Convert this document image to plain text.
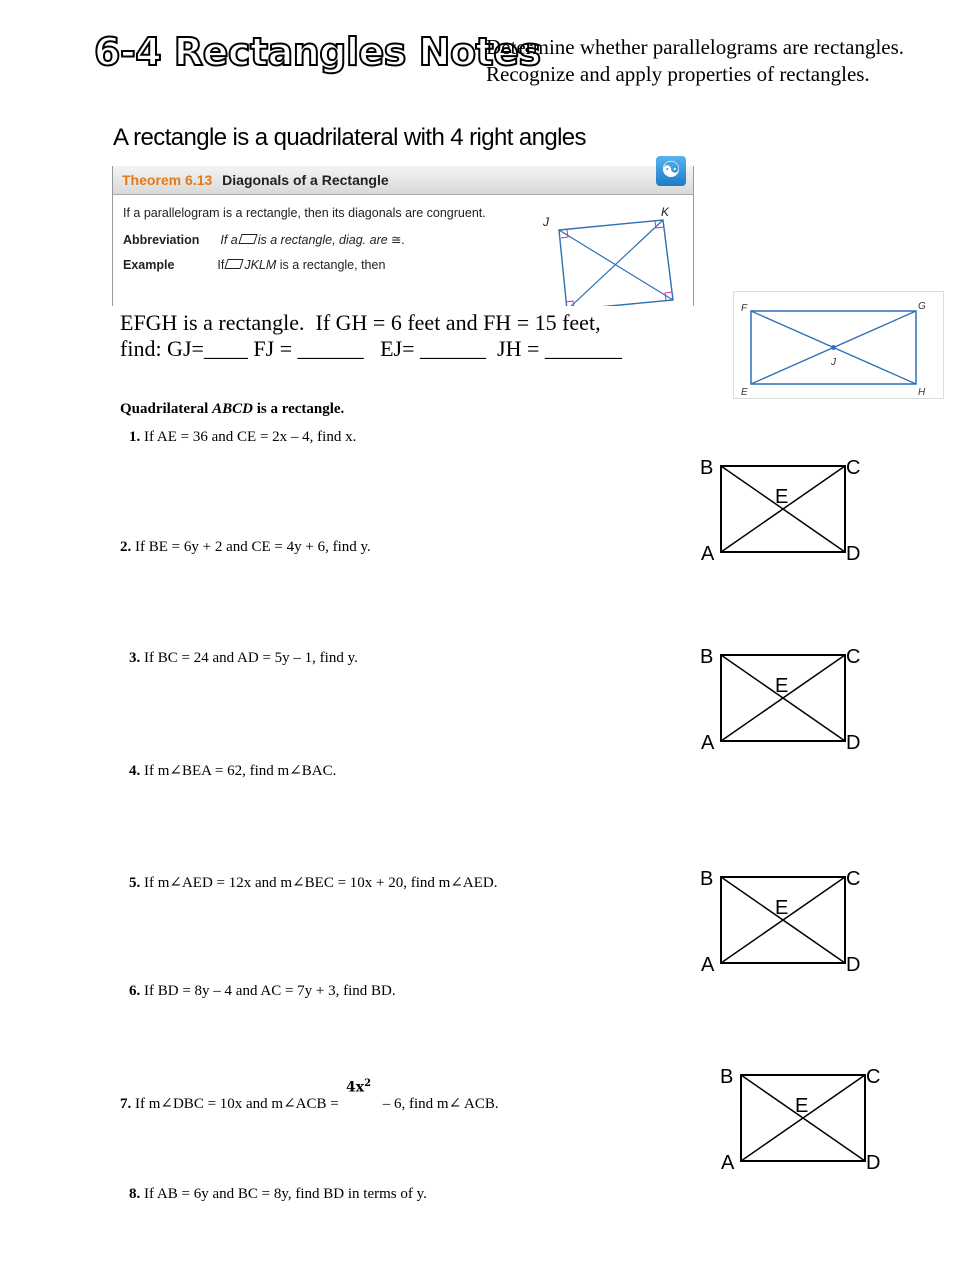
6-4 Rectangles Notes
Determine whether parallelograms are rectangles.
Recognize and apply properties of rectangles.
A rectangle is a quadrilateral with 4 right angles
Theorem 6.13 Diagonals of a Rectangle
If a parallelogram is a rectangle, then its diagonals are congruent.
Abbreviation If a is a rectangle, diag. are ≅.
Example	If JKLM is a rectangle, then
J
K
☯
EFGH is a rectangle.  If GH = 6 feet and FH = 15 feet,
find: GJ=____ FJ = ______   EJ= ______  JH = _______
F	G
H
E
J
Quadrilateral ABCD is a rectangle.
1. If AE = 36 and CE = 2x – 4, find x.
2. If BE = 6y + 2 and CE = 4y + 6, find y.
3. If BC = 24 and AD = 5y – 1, find y.
4. If m∠BEA = 62, find m∠BAC.
5. If m∠AED = 12x and m∠BEC = 10x + 20, find m∠AED.
6. If BD = 8y – 4 and AC = 7y + 3, find BD.
7. If m∠DBC = 10x and m∠ACB =	– 6, find m∠ ACB.
$4x^2$
8. If AB = 6y and BC = 8y, find BD in terms of y.
B	C
E
A	D
B	C
E
A	D
B	C
E
A	D
B	C
E
A	D
